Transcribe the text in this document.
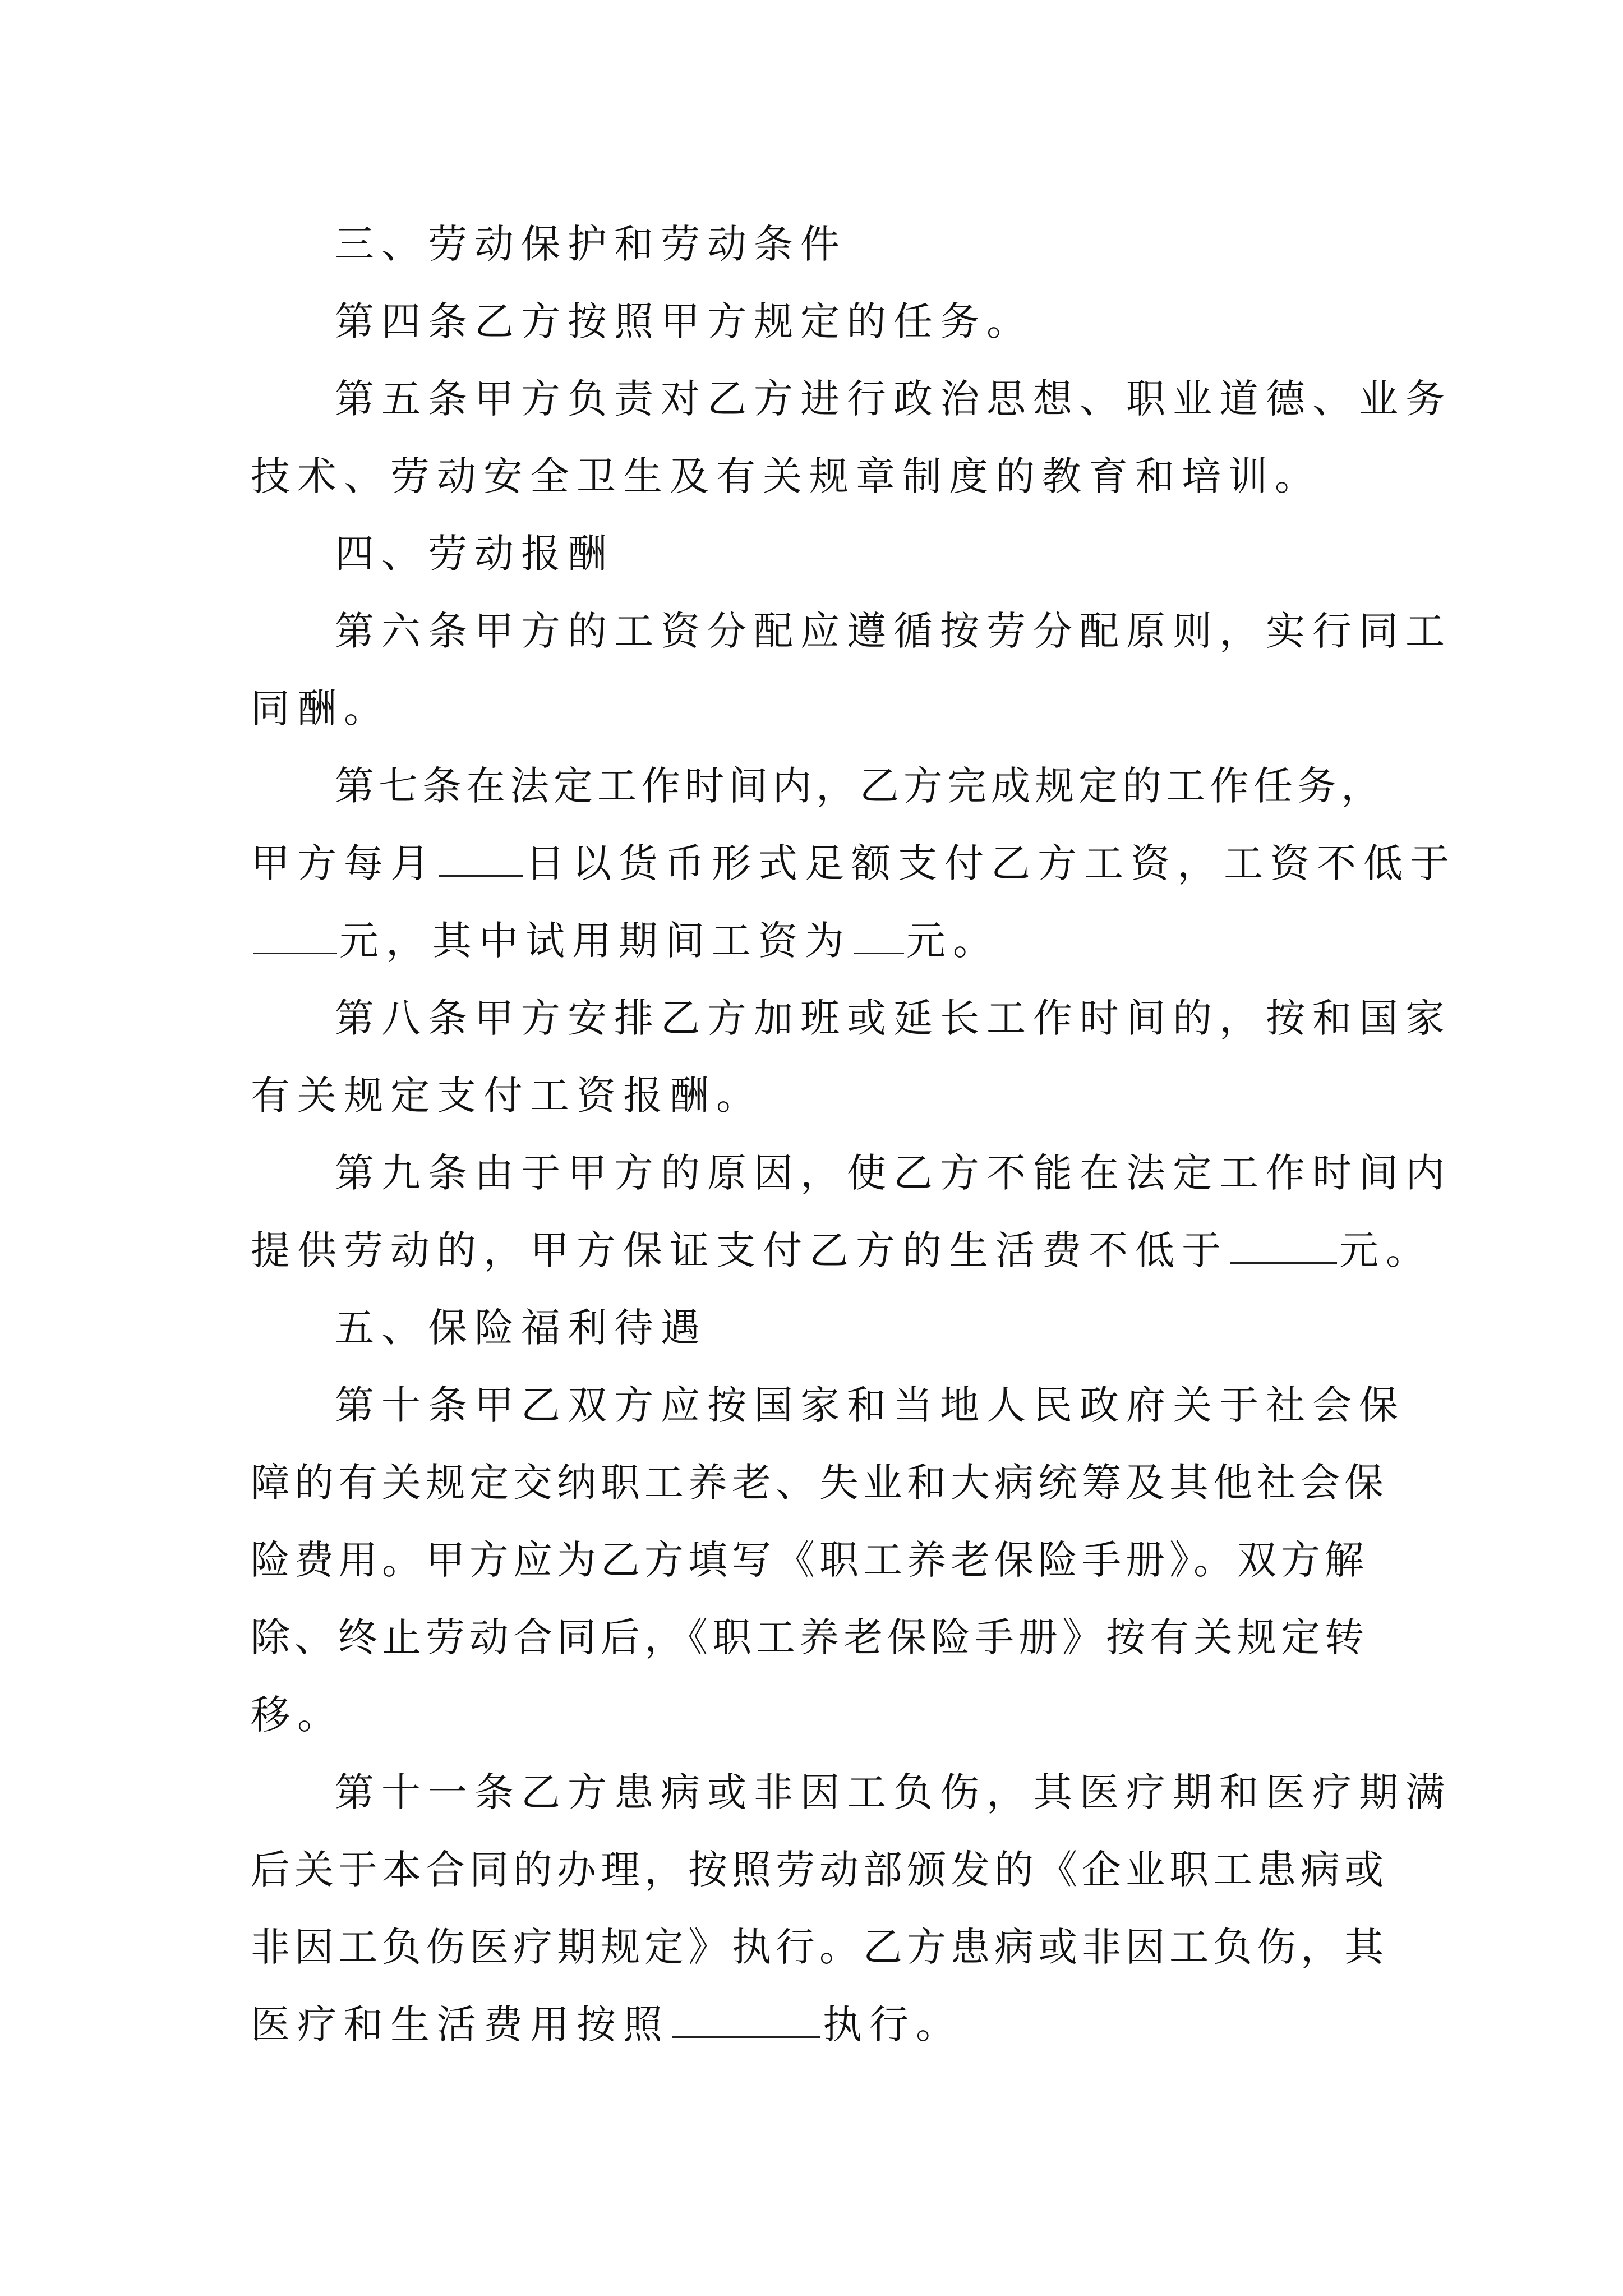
三、劳动保护和劳动条件
第四条乙方按照甲方规定的任务。
第五条甲方负责对乙方进行政治思想、职业道德、业务
技术、劳动安全卫生及有关规章制度的教育和培训。
四、劳动报酬
第六条甲方的工资分配应遵循按劳分配原则，实行同工
同酬。
第七条在法定工作时间内，乙方完成规定的工作任务，
甲方每月 日以货币形式足额支付乙方工资，工资不低于
元，其中试用期间工资为 元。
第八条甲方安排乙方加班或延长工作时间的，按和国家
有关规定支付工资报酬。
第九条由于甲方的原因，使乙方不能在法定工作时间内
提供劳动的，甲方保证支付乙方的生活费不低于	元。
五、保险福利待遇
第十条甲乙双方应按国家和当地人民政府关于社会保
障的有关规定交纳职工养老、失业和大病统筹及其他社会保
险费用。甲方应为乙方填写《职工养老保险手册》。双方解
除、终止劳动合同后，《职工养老保险手册》按有关规定转
移。
第十一条乙方患病或非因工负伤，其医疗期和医疗期满
后关于本合同的办理，按照劳动部颁发的《企业职工患病或
非因工负伤医疗期规定》执行。乙方患病或非因工负伤，其
医疗和生活费用按照	执行。
